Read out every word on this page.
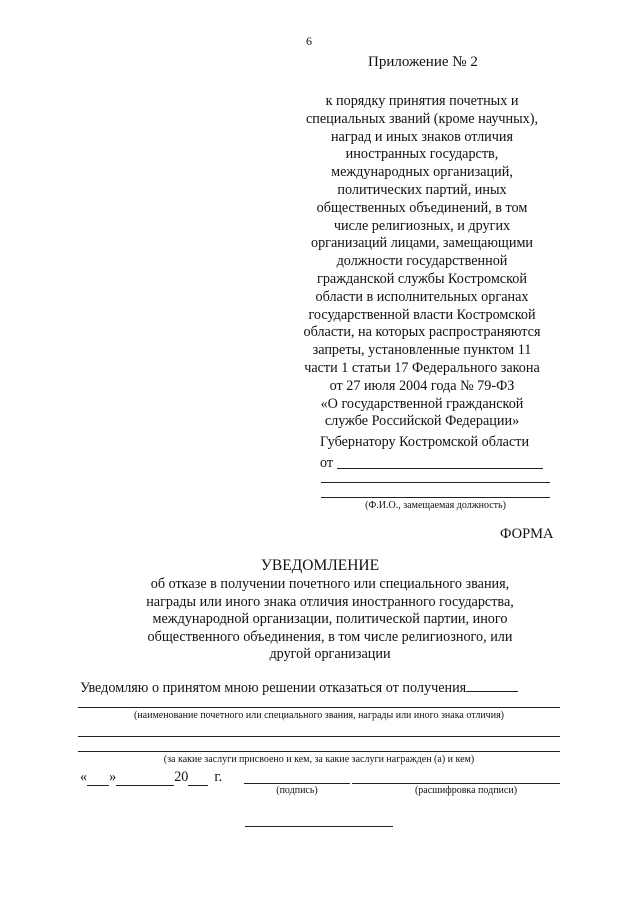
6
Приложение № 2
к порядку принятия почетных и
специальных званий (кроме научных),
наград и иных знаков отличия
иностранных государств,
международных организаций,
политических партий, иных
общественных объединений, в том
числе религиозных, и других
организаций лицами, замещающими
должности государственной
гражданской службы Костромской
области в исполнительных органах
государственной власти Костромской
области, на которых распространяются
запреты, установленные пунктом 11
части 1 статьи 17 Федерального закона
от 27 июля 2004 года № 79-ФЗ
«О государственной гражданской
службе Российской Федерации»
Губернатору Костромской области
от
(Ф.И.О., замещаемая должность)
ФОРМА
УВЕДОМЛЕНИЕ
об отказе в получении почетного или специального звания,
награды или иного знака отличия иностранного государства,
международной организации, политической партии, иного
общественного объединения, в том числе религиозного, или
другой организации
Уведомляю о принятом мною решении отказаться от получения
(наименование почетного или специального звания, награды или иного знака отличия)
(за какие заслуги присвоено и кем, за какие заслуги награжден (а) и кем)
« »	20 г.
(подпись)	(расшифровка подписи)
